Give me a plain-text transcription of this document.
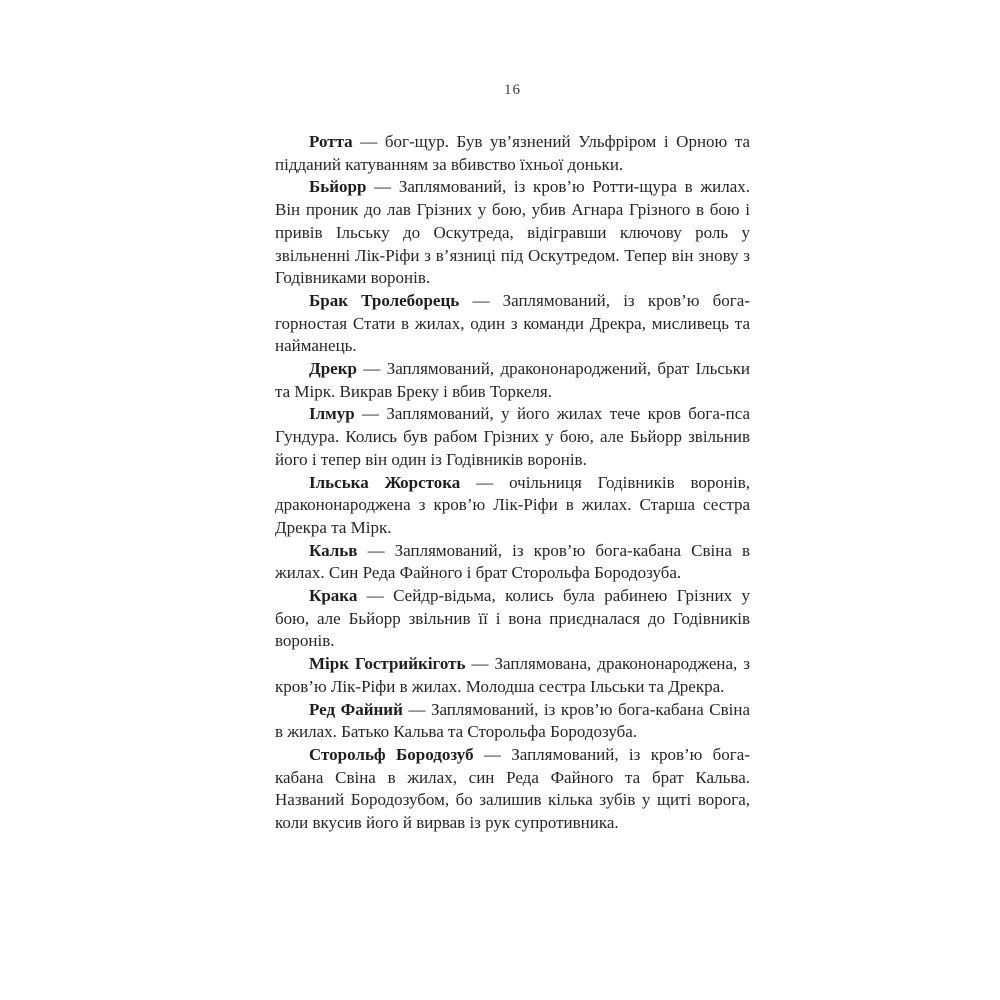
16

Ротта — бог-щур. Був ув’язнений Ульфріром і Орною та підданий катуванням за вбивство їхньої доньки.

Бьйорр — Заплямований, із кров’ю Ротти-щура в жилах. Він проник до лав Грізних у бою, убив Агнара Грізного в бою і привів Ільську до Оскутреда, відігравши ключову роль у звільненні Лік-Ріфи з в’язниці під Оскутредом. Тепер він знову з Годівниками воронів.

Брак Тролеборець — Заплямований, із кров’ю бога-горностая Стати в жилах, один з команди Дрекра, мисливець та найманець.

Дрекр — Заплямований, дракононароджений, брат Ільськи та Мірк. Викрав Бреку і вбив Торкеля.

Ілмур — Заплямований, у його жилах тече кров бога-пса Гундура. Колись був рабом Грізних у бою, але Бьйорр звільнив його і тепер він один із Годівників воронів.

Ільська Жорстока — очільниця Годівників воронів, дракононароджена з кров’ю Лік-Ріфи в жилах. Старша сестра Дрекра та Мірк.

Кальв — Заплямований, із кров’ю бога-кабана Свіна в жилах. Син Реда Файного і брат Сторольфа Бородозуба.

Крака — Сейдр-відьма, колись була рабинею Грізних у бою, але Бьйорр звільнив її і вона приєдналася до Годівників воронів.

Мірк Гострийкіготь — Заплямована, дракононароджена, з кров’ю Лік-Ріфи в жилах. Молодша сестра Ільськи та Дрекра.

Ред Файний — Заплямований, із кров’ю бога-кабана Свіна в жилах. Батько Кальва та Сторольфа Бородозуба.

Сторольф Бородозуб — Заплямований, із кров’ю бога-кабана Свіна в жилах, син Реда Файного та брат Кальва. Названий Бородозубом, бо залишив кілька зубів у щиті ворога, коли вкусив його й вирвав із рук супротивника.
